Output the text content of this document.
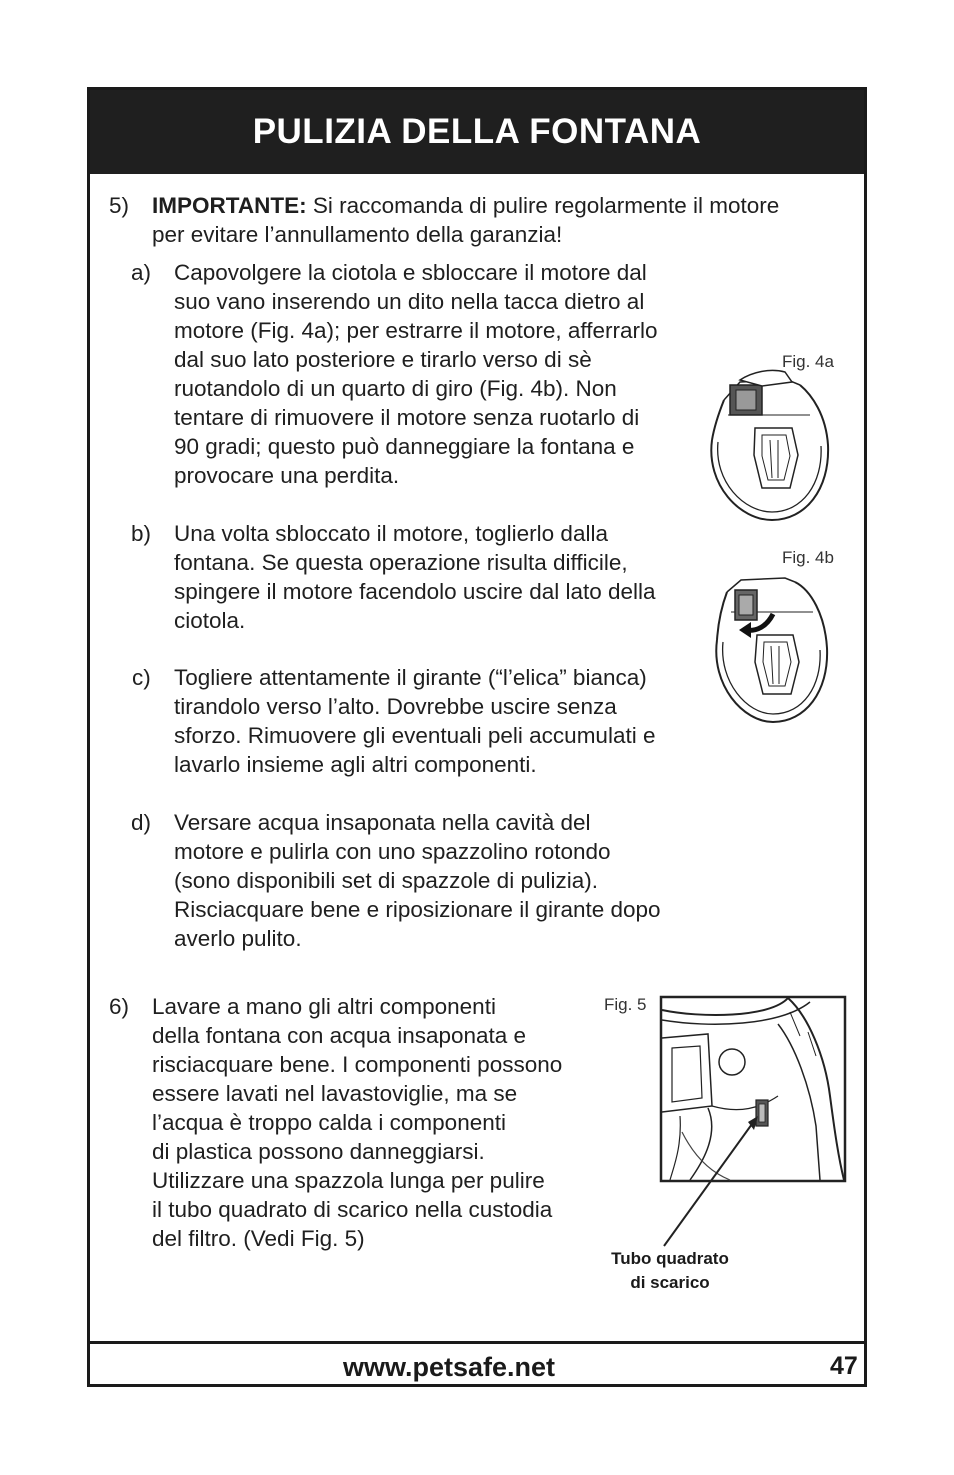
PULIZIA DELLA FONTANA
www.petsafe.net	47
5) IMPORTANTE: Si raccomanda di pulire regolarmente il motore
per evitare l’annullamento della garanzia!
a) Capovolgere la ciotola e sbloccare il motore dal
suo vano inserendo un dito nella tacca dietro al
motore (Fig. 4a); per estrarre il motore, afferrarlo
dal suo lato posteriore e tirarlo verso di sè
ruotandolo di un quarto di giro (Fig. 4b). Non
tentare di rimuovere il motore senza ruotarlo di
90 gradi; questo può danneggiare la fontana e
provocare una perdita.
b) Una volta sbloccato il motore, toglierlo dalla
fontana. Se questa operazione risulta difficile,
spingere il motore facendolo uscire dal lato della
ciotola.
c) Togliere attentamente il girante (“l’elica” bianca)
tirandolo verso l’alto. Dovrebbe uscire senza
sforzo. Rimuovere gli eventuali peli accumulati e
lavarlo insieme agli altri componenti.
d) Versare acqua insaponata nella cavità del
motore e pulirla con uno spazzolino rotondo
(sono disponibili set di spazzole di pulizia).
Risciacquare bene e riposizionare il girante dopo
averlo pulito.
6) Lavare a mano gli altri componenti
della fontana con acqua insaponata e
risciacquare bene. I componenti possono
essere lavati nel lavastoviglie, ma se
l’acqua è troppo calda i componenti
di plastica possono danneggiarsi.
Utilizzare una spazzola lunga per pulire
il tubo quadrato di scarico nella custodia
del filtro. (Vedi Fig. 5)
Fig. 4a
Fig. 4b
Fig. 5
Tubo quadrato
di scarico
